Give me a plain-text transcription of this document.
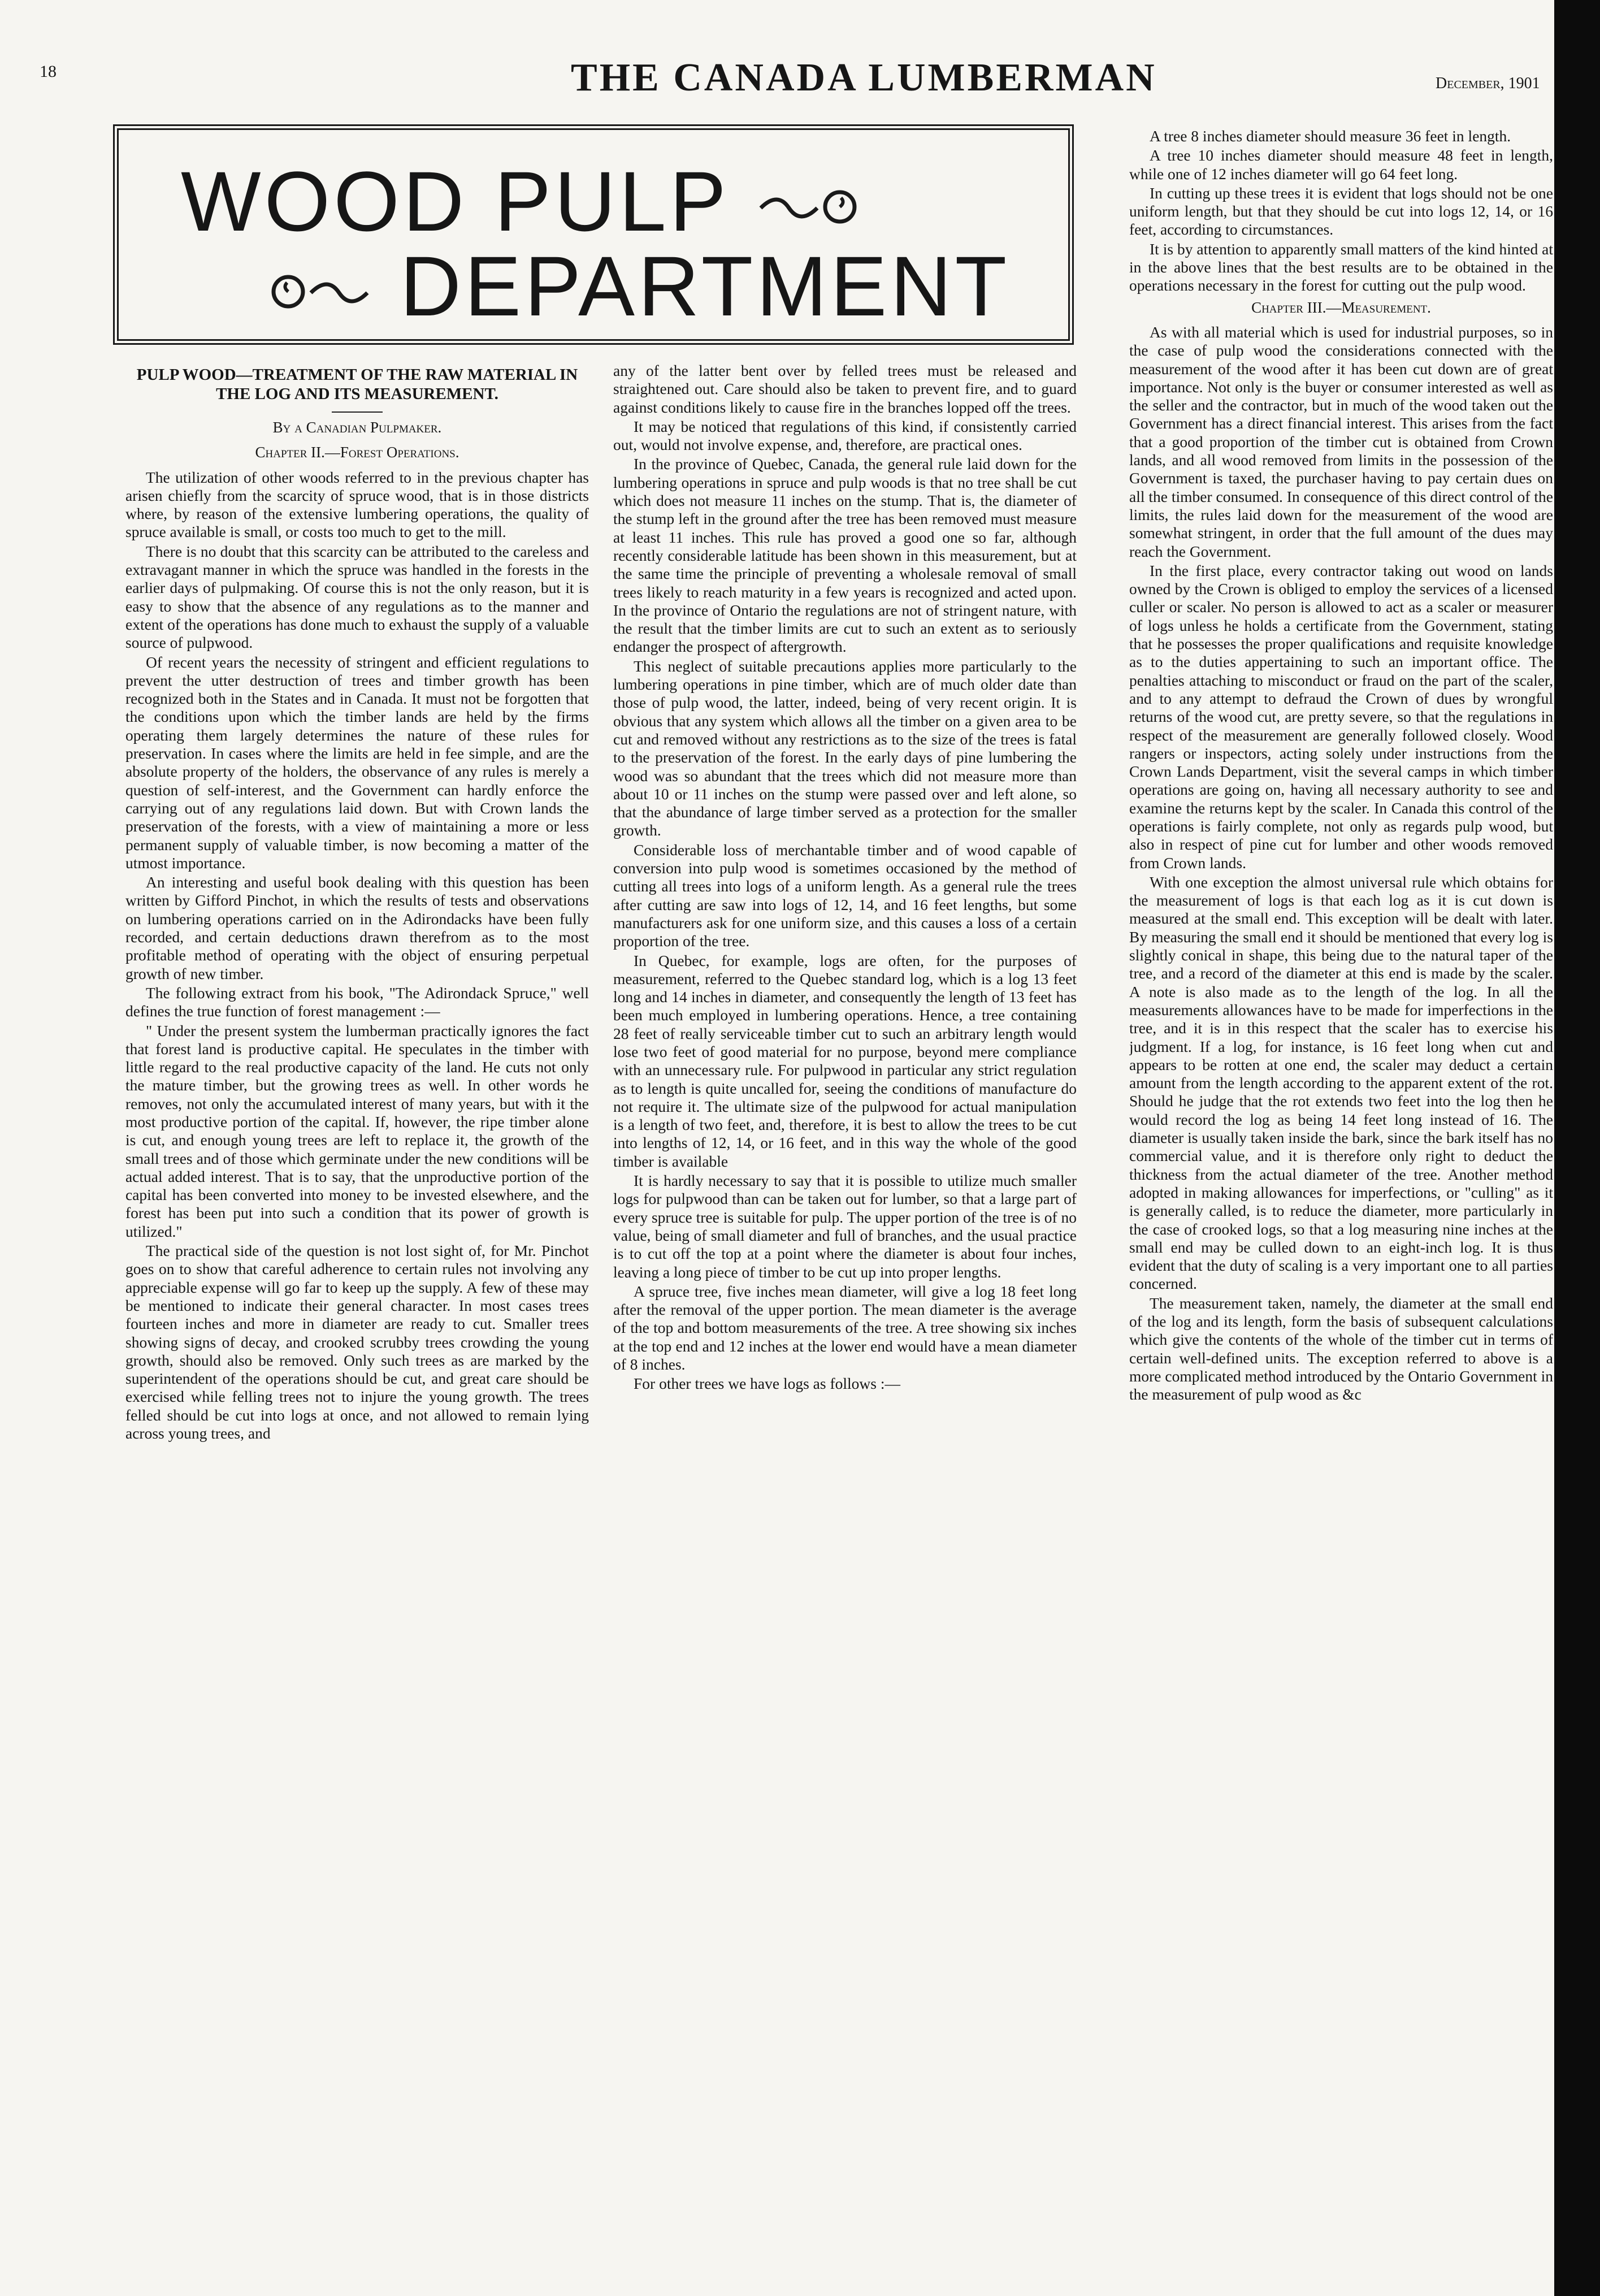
18	THE CANADA LUMBERMAN	December, 1901
WOOD PULP
DEPARTMENT
PULP WOOD—TREATMENT OF THE RAW MATERIAL IN THE LOG AND ITS MEASUREMENT.
By a Canadian Pulpmaker.
Chapter II.—Forest Operations.

The utilization of other woods referred to in the previous chapter has arisen chiefly from the scarcity of spruce wood, that is in those districts where, by reason of the extensive lumbering operations, the quality of spruce available is small, or costs too much to get to the mill.

There is no doubt that this scarcity can be attributed to the careless and extravagant manner in which the spruce was handled in the forests in the earlier days of pulpmaking. Of course this is not the only reason, but it is easy to show that the absence of any regulations as to the manner and extent of the operations has done much to exhaust the supply of a valuable source of pulpwood.

Of recent years the necessity of stringent and efficient regulations to prevent the utter destruction of trees and timber growth has been recognized both in the States and in Canada. It must not be forgotten that the conditions upon which the timber lands are held by the firms operating them largely determines the nature of these rules for preservation. In cases where the limits are held in fee simple, and are the absolute property of the holders, the observance of any rules is merely a question of self-interest, and the Government can hardly enforce the carrying out of any regulations laid down. But with Crown lands the preservation of the forests, with a view of maintaining a more or less permanent supply of valuable timber, is now becoming a matter of the utmost importance.

An interesting and useful book dealing with this question has been written by Gifford Pinchot, in which the results of tests and observations on lumbering operations carried on in the Adirondacks have been fully recorded, and certain deductions drawn therefrom as to the most profitable method of operating with the object of ensuring perpetual growth of new timber.

The following extract from his book, "The Adirondack Spruce," well defines the true function of forest management :—

" Under the present system the lumberman practically ignores the fact that forest land is productive capital. He speculates in the timber with little regard to the real productive capacity of the land. He cuts not only the mature timber, but the growing trees as well. In other words he removes, not only the accumulated interest of many years, but with it the most productive portion of the capital. If, however, the ripe timber alone is cut, and enough young trees are left to replace it, the growth of the small trees and of those which germinate under the new conditions will be actual added interest. That is to say, that the unproductive portion of the capital has been converted into money to be invested elsewhere, and the forest has been put into such a condition that its power of growth is utilized."

The practical side of the question is not lost sight of, for Mr. Pinchot goes on to show that careful adherence to certain rules not involving any appreciable expense will go far to keep up the supply. A few of these may be mentioned to indicate their general character. In most cases trees fourteen inches and more in diameter are ready to cut. Smaller trees showing signs of decay, and crooked scrubby trees crowding the young growth, should also be removed. Only such trees as are marked by the superintendent of the operations should be cut, and great care should be exercised while felling trees not to injure the young growth. The trees felled should be cut into logs at once, and not allowed to remain lying across young trees, and

any of the latter bent over by felled trees must be released and straightened out. Care should also be taken to prevent fire, and to guard against conditions likely to cause fire in the branches lopped off the trees.

It may be noticed that regulations of this kind, if consistently carried out, would not involve expense, and, therefore, are practical ones.

In the province of Quebec, Canada, the general rule laid down for the lumbering operations in spruce and pulp woods is that no tree shall be cut which does not measure 11 inches on the stump. That is, the diameter of the stump left in the ground after the tree has been removed must measure at least 11 inches. This rule has proved a good one so far, although recently considerable latitude has been shown in this measurement, but at the same time the principle of preventing a wholesale removal of small trees likely to reach maturity in a few years is recognized and acted upon. In the province of Ontario the regulations are not of stringent nature, with the result that the timber limits are cut to such an extent as to seriously endanger the prospect of aftergrowth.

This neglect of suitable precautions applies more particularly to the lumbering operations in pine timber, which are of much older date than those of pulp wood, the latter, indeed, being of very recent origin. It is obvious that any system which allows all the timber on a given area to be cut and removed without any restrictions as to the size of the trees is fatal to the preservation of the forest. In the early days of pine lumbering the wood was so abundant that the trees which did not measure more than about 10 or 11 inches on the stump were passed over and left alone, so that the abundance of large timber served as a protection for the smaller growth.

Considerable loss of merchantable timber and of wood capable of conversion into pulp wood is sometimes occasioned by the method of cutting all trees into logs of a uniform length. As a general rule the trees after cutting are saw into logs of 12, 14, and 16 feet lengths, but some manufacturers ask for one uniform size, and this causes a loss of a certain proportion of the tree.

In Quebec, for example, logs are often, for the purposes of measurement, referred to the Quebec standard log, which is a log 13 feet long and 14 inches in diameter, and consequently the length of 13 feet has been much employed in lumbering operations. Hence, a tree containing 28 feet of really serviceable timber cut to such an arbitrary length would lose two feet of good material for no purpose, beyond mere compliance with an unnecessary rule. For pulpwood in particular any strict regulation as to length is quite uncalled for, seeing the conditions of manufacture do not require it. The ultimate size of the pulpwood for actual manipulation is a length of two feet, and, therefore, it is best to allow the trees to be cut into lengths of 12, 14, or 16 feet, and in this way the whole of the good timber is available

It is hardly necessary to say that it is possible to utilize much smaller logs for pulpwood than can be taken out for lumber, so that a large part of every spruce tree is suitable for pulp. The upper portion of the tree is of no value, being of small diameter and full of branches, and the usual practice is to cut off the top at a point where the diameter is about four inches, leaving a long piece of timber to be cut up into proper lengths.

A spruce tree, five inches mean diameter, will give a log 18 feet long after the removal of the upper portion. The mean diameter is the average of the top and bottom measurements of the tree. A tree showing six inches at the top end and 12 inches at the lower end would have a mean diameter of 8 inches.

For other trees we have logs as follows :—

A tree 8 inches diameter should measure 36 feet in length.

A tree 10 inches diameter should measure 48 feet in length, while one of 12 inches diameter will go 64 feet long.

In cutting up these trees it is evident that logs should not be one uniform length, but that they should be cut into logs 12, 14, or 16 feet, according to circumstances.

It is by attention to apparently small matters of the kind hinted at in the above lines that the best results are to be obtained in the operations necessary in the forest for cutting out the pulp wood.

Chapter III.—Measurement.

As with all material which is used for industrial purposes, so in the case of pulp wood the considerations connected with the measurement of the wood after it has been cut down are of great importance. Not only is the buyer or consumer interested as well as the seller and the contractor, but in much of the wood taken out the Government has a direct financial interest. This arises from the fact that a good proportion of the timber cut is obtained from Crown lands, and all wood removed from limits in the possession of the Government is taxed, the purchaser having to pay certain dues on all the timber consumed. In consequence of this direct control of the limits, the rules laid down for the measurement of the wood are somewhat stringent, in order that the full amount of the dues may reach the Government.

In the first place, every contractor taking out wood on lands owned by the Crown is obliged to employ the services of a licensed culler or scaler. No person is allowed to act as a scaler or measurer of logs unless he holds a certificate from the Government, stating that he possesses the proper qualifications and requisite knowledge as to the duties appertaining to such an important office. The penalties attaching to misconduct or fraud on the part of the scaler, and to any attempt to defraud the Crown of dues by wrongful returns of the wood cut, are pretty severe, so that the regulations in respect of the measurement are generally followed closely. Wood rangers or inspectors, acting solely under instructions from the Crown Lands Department, visit the several camps in which timber operations are going on, having all necessary authority to see and examine the returns kept by the scaler. In Canada this control of the operations is fairly complete, not only as regards pulp wood, but also in respect of pine cut for lumber and other woods removed from Crown lands.

With one exception the almost universal rule which obtains for the measurement of logs is that each log as it is cut down is measured at the small end. This exception will be dealt with later. By measuring the small end it should be mentioned that every log is slightly conical in shape, this being due to the natural taper of the tree, and a record of the diameter at this end is made by the scaler. A note is also made as to the length of the log. In all the measurements allowances have to be made for imperfections in the tree, and it is in this respect that the scaler has to exercise his judgment. If a log, for instance, is 16 feet long when cut and appears to be rotten at one end, the scaler may deduct a certain amount from the length according to the apparent extent of the rot. Should he judge that the rot extends two feet into the log then he would record the log as being 14 feet long instead of 16. The diameter is usually taken inside the bark, since the bark itself has no commercial value, and it is therefore only right to deduct the thickness from the actual diameter of the tree. Another method adopted in making allowances for imperfections, or "culling" as it is generally called, is to reduce the diameter, more particularly in the case of crooked logs, so that a log measuring nine inches at the small end may be culled down to an eight-inch log. It is thus evident that the duty of scaling is a very important one to all parties concerned.

The measurement taken, namely, the diameter at the small end of the log and its length, form the basis of subsequent calculations which give the contents of the whole of the timber cut in terms of certain well-defined units. The exception referred to above is a more complicated method introduced by the Ontario Government in the measurement of pulp wood as &c
